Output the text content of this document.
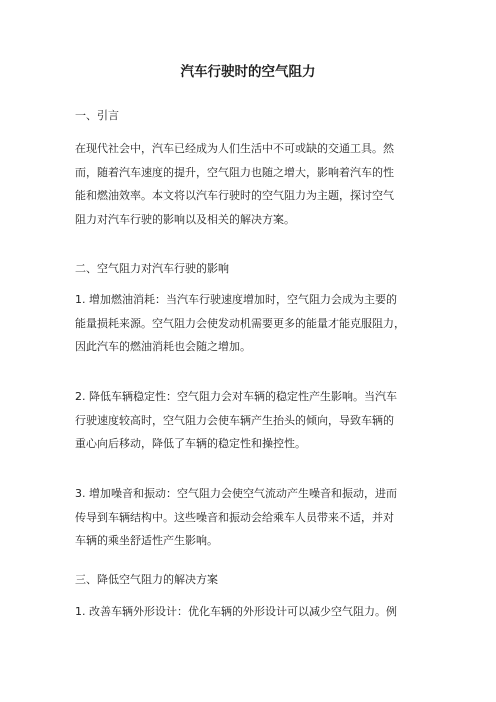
汽车行驶时的空气阻力
一、引言
在现代社会中，汽车已经成为人们生活中不可或缺的交通工具。然
而，随着汽车速度的提升，空气阻力也随之增大，影响着汽车的性
能和燃油效率。本文将以汽车行驶时的空气阻力为主题，探讨空气
阻力对汽车行驶的影响以及相关的解决方案。
二、空气阻力对汽车行驶的影响
1. 增加燃油消耗：当汽车行驶速度增加时，空气阻力会成为主要的
能量损耗来源。空气阻力会使发动机需要更多的能量才能克服阻力，
因此汽车的燃油消耗也会随之增加。
2. 降低车辆稳定性：空气阻力会对车辆的稳定性产生影响。当汽车
行驶速度较高时，空气阻力会使车辆产生抬头的倾向，导致车辆的
重心向后移动，降低了车辆的稳定性和操控性。
3. 增加噪音和振动：空气阻力会使空气流动产生噪音和振动，进而
传导到车辆结构中。这些噪音和振动会给乘车人员带来不适，并对
车辆的乘坐舒适性产生影响。
三、降低空气阻力的解决方案
1. 改善车辆外形设计：优化车辆的外形设计可以减少空气阻力。例
